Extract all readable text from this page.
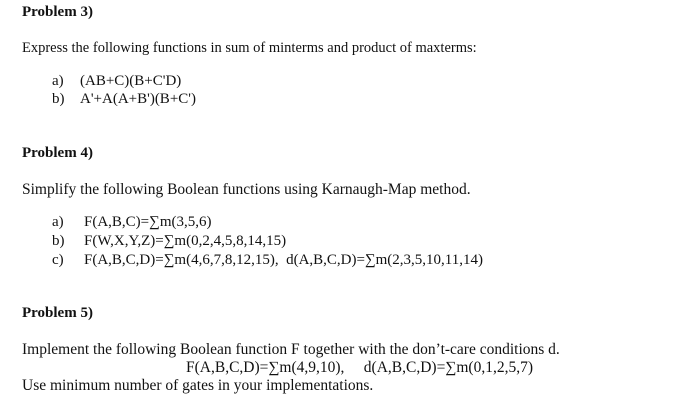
Problem 3)
Express the following functions in sum of minterms and product of maxterms:
a) (AB+C)(B+C'D)
b) A'+A(A+B')(B+C')
Problem 4)
Simplify the following Boolean functions using Karnaugh-Map method.
a) F(A,B,C)=∑m(3,5,6)
b) F(W,X,Y,Z)=∑m(0,2,4,5,8,14,15)
c) F(A,B,C,D)=∑m(4,6,7,8,12,15),  d(A,B,C,D)=∑m(2,3,5,10,11,14)
Problem 5)
Implement the following Boolean function F together with the don’t-care conditions d.
F(A,B,C,D)=∑m(4,9,10),     d(A,B,C,D)=∑m(0,1,2,5,7)
Use minimum number of gates in your implementations.
